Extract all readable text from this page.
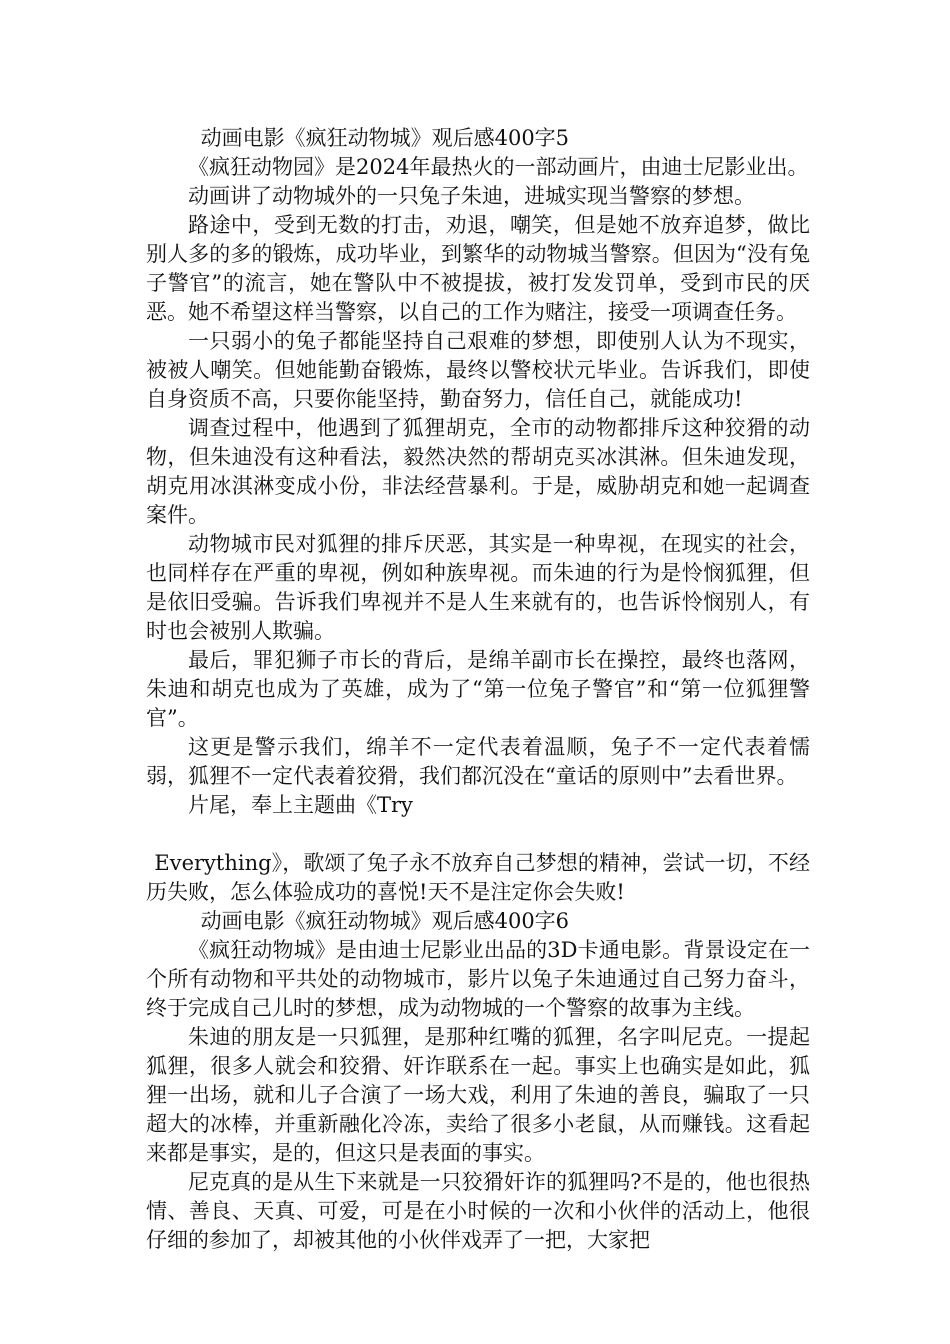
动画电影《疯狂动物城》观后感400字5

《疯狂动物园》是2024年最热火的一部动画片，由迪士尼影业出。

动画讲了动物城外的一只兔子朱迪，进城实现当警察的梦想。

路途中，受到无数的打击，劝退，嘲笑，但是她不放弃追梦，做比别人多的多的锻炼，成功毕业，到繁华的动物城当警察。但因为“没有兔子警官”的流言，她在警队中不被提拔，被打发发罚单，受到市民的厌恶。她不希望这样当警察，以自己的工作为赌注，接受一项调查任务。

一只弱小的兔子都能坚持自己艰难的梦想，即使别人认为不现实，被被人嘲笑。但她能勤奋锻炼，最终以警校状元毕业。告诉我们，即使自身资质不高，只要你能坚持，勤奋努力，信任自己，就能成功!

调查过程中，他遇到了狐狸胡克，全市的动物都排斥这种狡猾的动物，但朱迪没有这种看法，毅然决然的帮胡克买冰淇淋。但朱迪发现，胡克用冰淇淋变成小份，非法经营暴利。于是，威胁胡克和她一起调查案件。

动物城市民对狐狸的排斥厌恶，其实是一种卑视，在现实的社会，也同样存在严重的卑视，例如种族卑视。而朱迪的行为是怜悯狐狸，但是依旧受骗。告诉我们卑视并不是人生来就有的，也告诉怜悯别人，有时也会被别人欺骗。

最后，罪犯狮子市长的背后，是绵羊副市长在操控，最终也落网，朱迪和胡克也成为了英雄，成为了“第一位兔子警官”和“第一位狐狸警官”。

这更是警示我们，绵羊不一定代表着温顺，兔子不一定代表着懦弱，狐狸不一定代表着狡猾，我们都沉没在“童话的原则中”去看世界。

片尾，奉上主题曲《Try

Everything》，歌颂了兔子永不放弃自己梦想的精神，尝试一切，不经历失败，怎么体验成功的喜悦!天不是注定你会失败!

动画电影《疯狂动物城》观后感400字6

《疯狂动物城》是由迪士尼影业出品的3D卡通电影。背景设定在一个所有动物和平共处的动物城市，影片以兔子朱迪通过自己努力奋斗，终于完成自己儿时的梦想，成为动物城的一个警察的故事为主线。

朱迪的朋友是一只狐狸，是那种红嘴的狐狸，名字叫尼克。一提起狐狸，很多人就会和狡猾、奸诈联系在一起。事实上也确实是如此，狐狸一出场，就和儿子合演了一场大戏，利用了朱迪的善良，骗取了一只超大的冰棒，并重新融化冷冻，卖给了很多小老鼠，从而赚钱。这看起来都是事实，是的，但这只是表面的事实。

尼克真的是从生下来就是一只狡猾奸诈的狐狸吗?不是的，他也很热情、善良、天真、可爱，可是在小时候的一次和小伙伴的活动上，他很仔细的参加了，却被其他的小伙伴戏弄了一把，大家把
